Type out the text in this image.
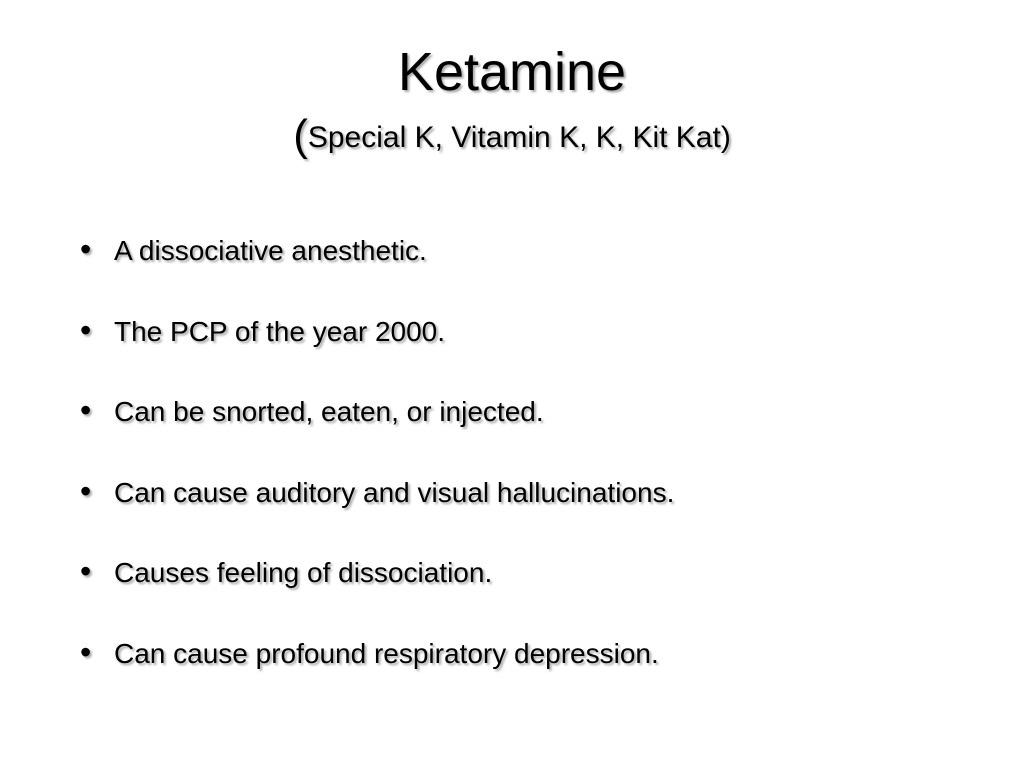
Ketamine
(Special K, Vitamin K, K, Kit Kat)
• A dissociative anesthetic.
• The PCP of the year 2000.
• Can be snorted, eaten, or injected.
• Can cause auditory and visual hallucinations.
• Causes feeling of dissociation.
• Can cause profound respiratory depression.
